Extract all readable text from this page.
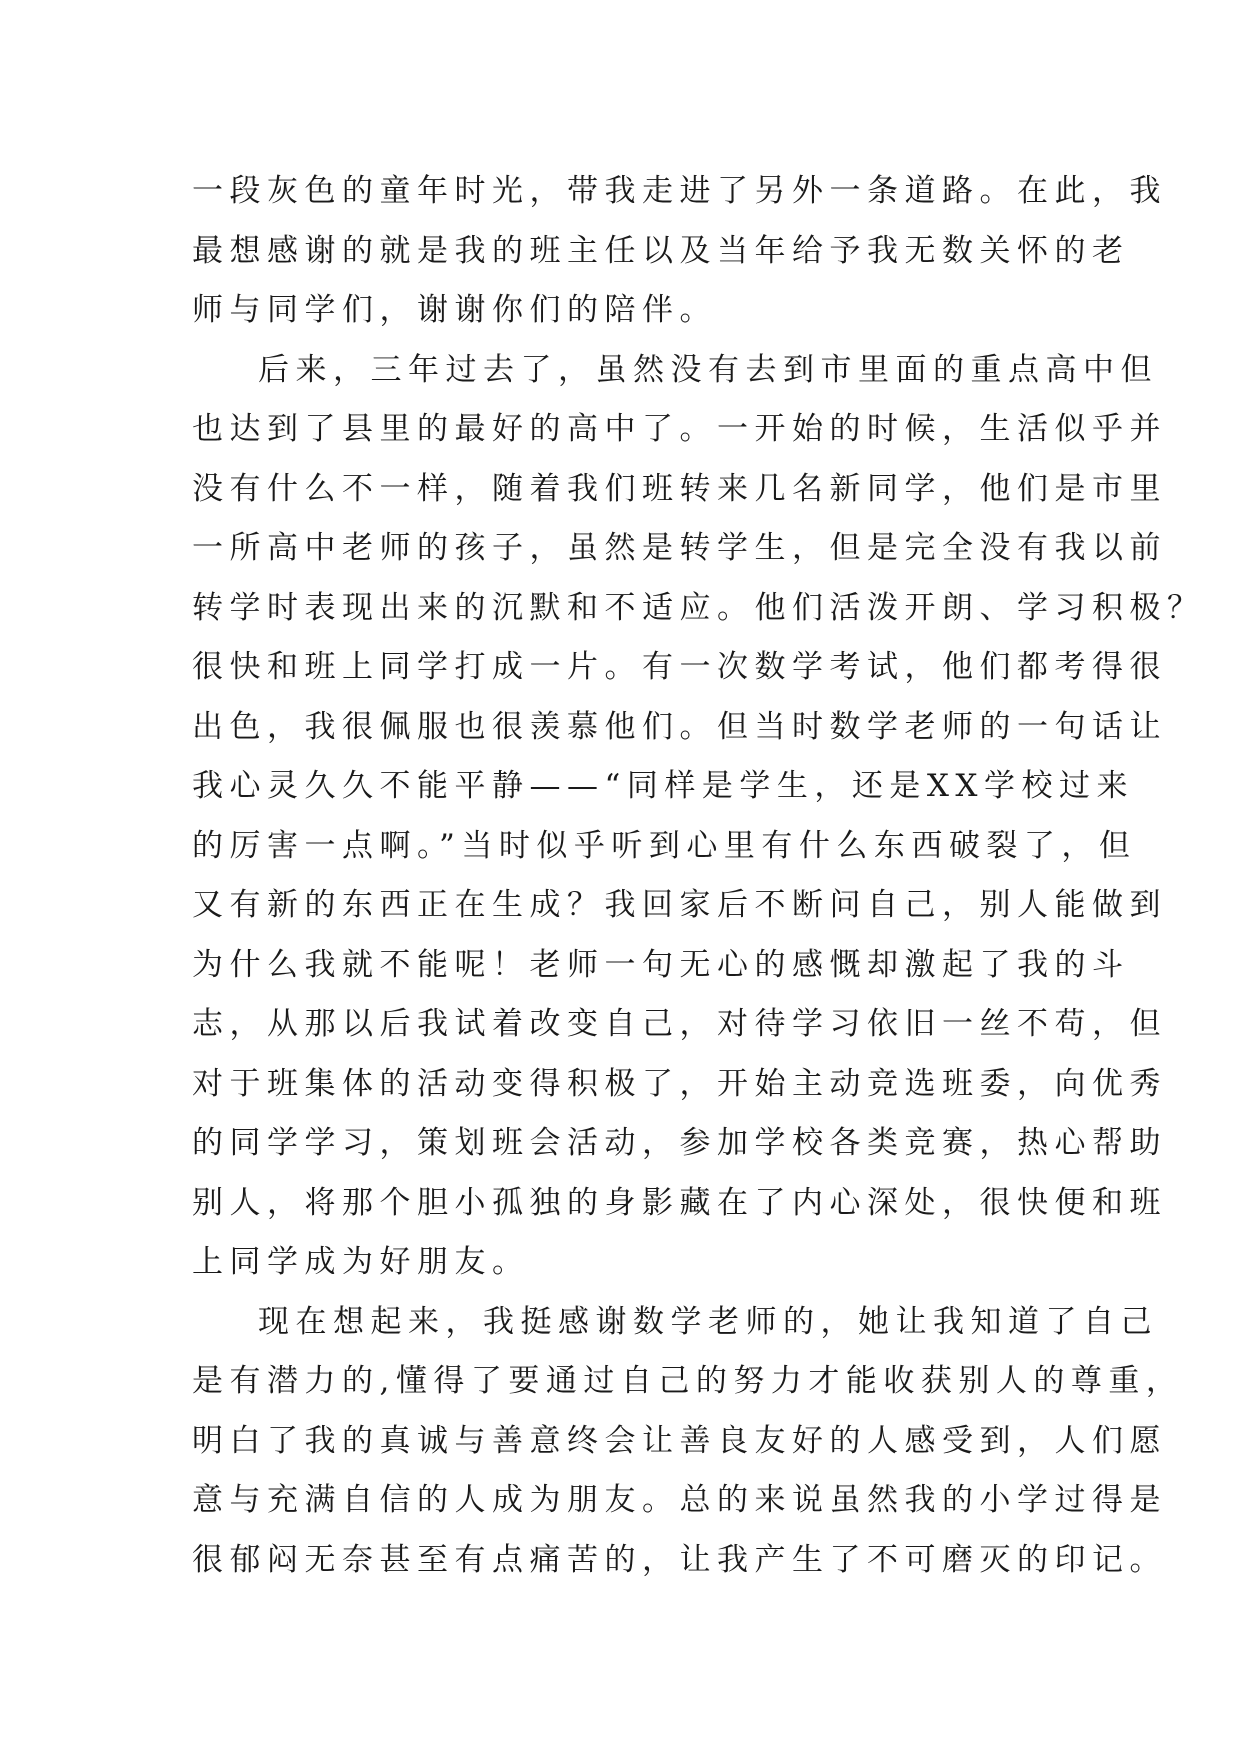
一段灰色的童年时光，带我走进了另外一条道路。在此，我
最想感谢的就是我的班主任以及当年给予我无数关怀的老
师与同学们，谢谢你们的陪伴。
后来，三年过去了，虽然没有去到市里面的重点高中但
也达到了县里的最好的高中了。一开始的时候，生活似乎并
没有什么不一样，随着我们班转来几名新同学，他们是市里
一所高中老师的孩子，虽然是转学生，但是完全没有我以前
转学时表现出来的沉默和不适应。他们活泼开朗、学习积极？
很快和班上同学打成一片。有一次数学考试，他们都考得很
出色，我很佩服也很羡慕他们。但当时数学老师的一句话让
我心灵久久不能平静——“同样是学生，还是XX学校过来
的厉害一点啊。”当时似乎听到心里有什么东西破裂了，但
又有新的东西正在生成？我回家后不断问自己，别人能做到
为什么我就不能呢！老师一句无心的感慨却激起了我的斗
志，从那以后我试着改变自己，对待学习依旧一丝不苟，但
对于班集体的活动变得积极了，开始主动竞选班委，向优秀
的同学学习，策划班会活动，参加学校各类竞赛，热心帮助
别人，将那个胆小孤独的身影藏在了内心深处，很快便和班
上同学成为好朋友。
现在想起来，我挺感谢数学老师的，她让我知道了自己
是有潜力的,懂得了要通过自己的努力才能收获别人的尊重，
明白了我的真诚与善意终会让善良友好的人感受到，人们愿
意与充满自信的人成为朋友。总的来说虽然我的小学过得是
很郁闷无奈甚至有点痛苦的，让我产生了不可磨灭的印记。
